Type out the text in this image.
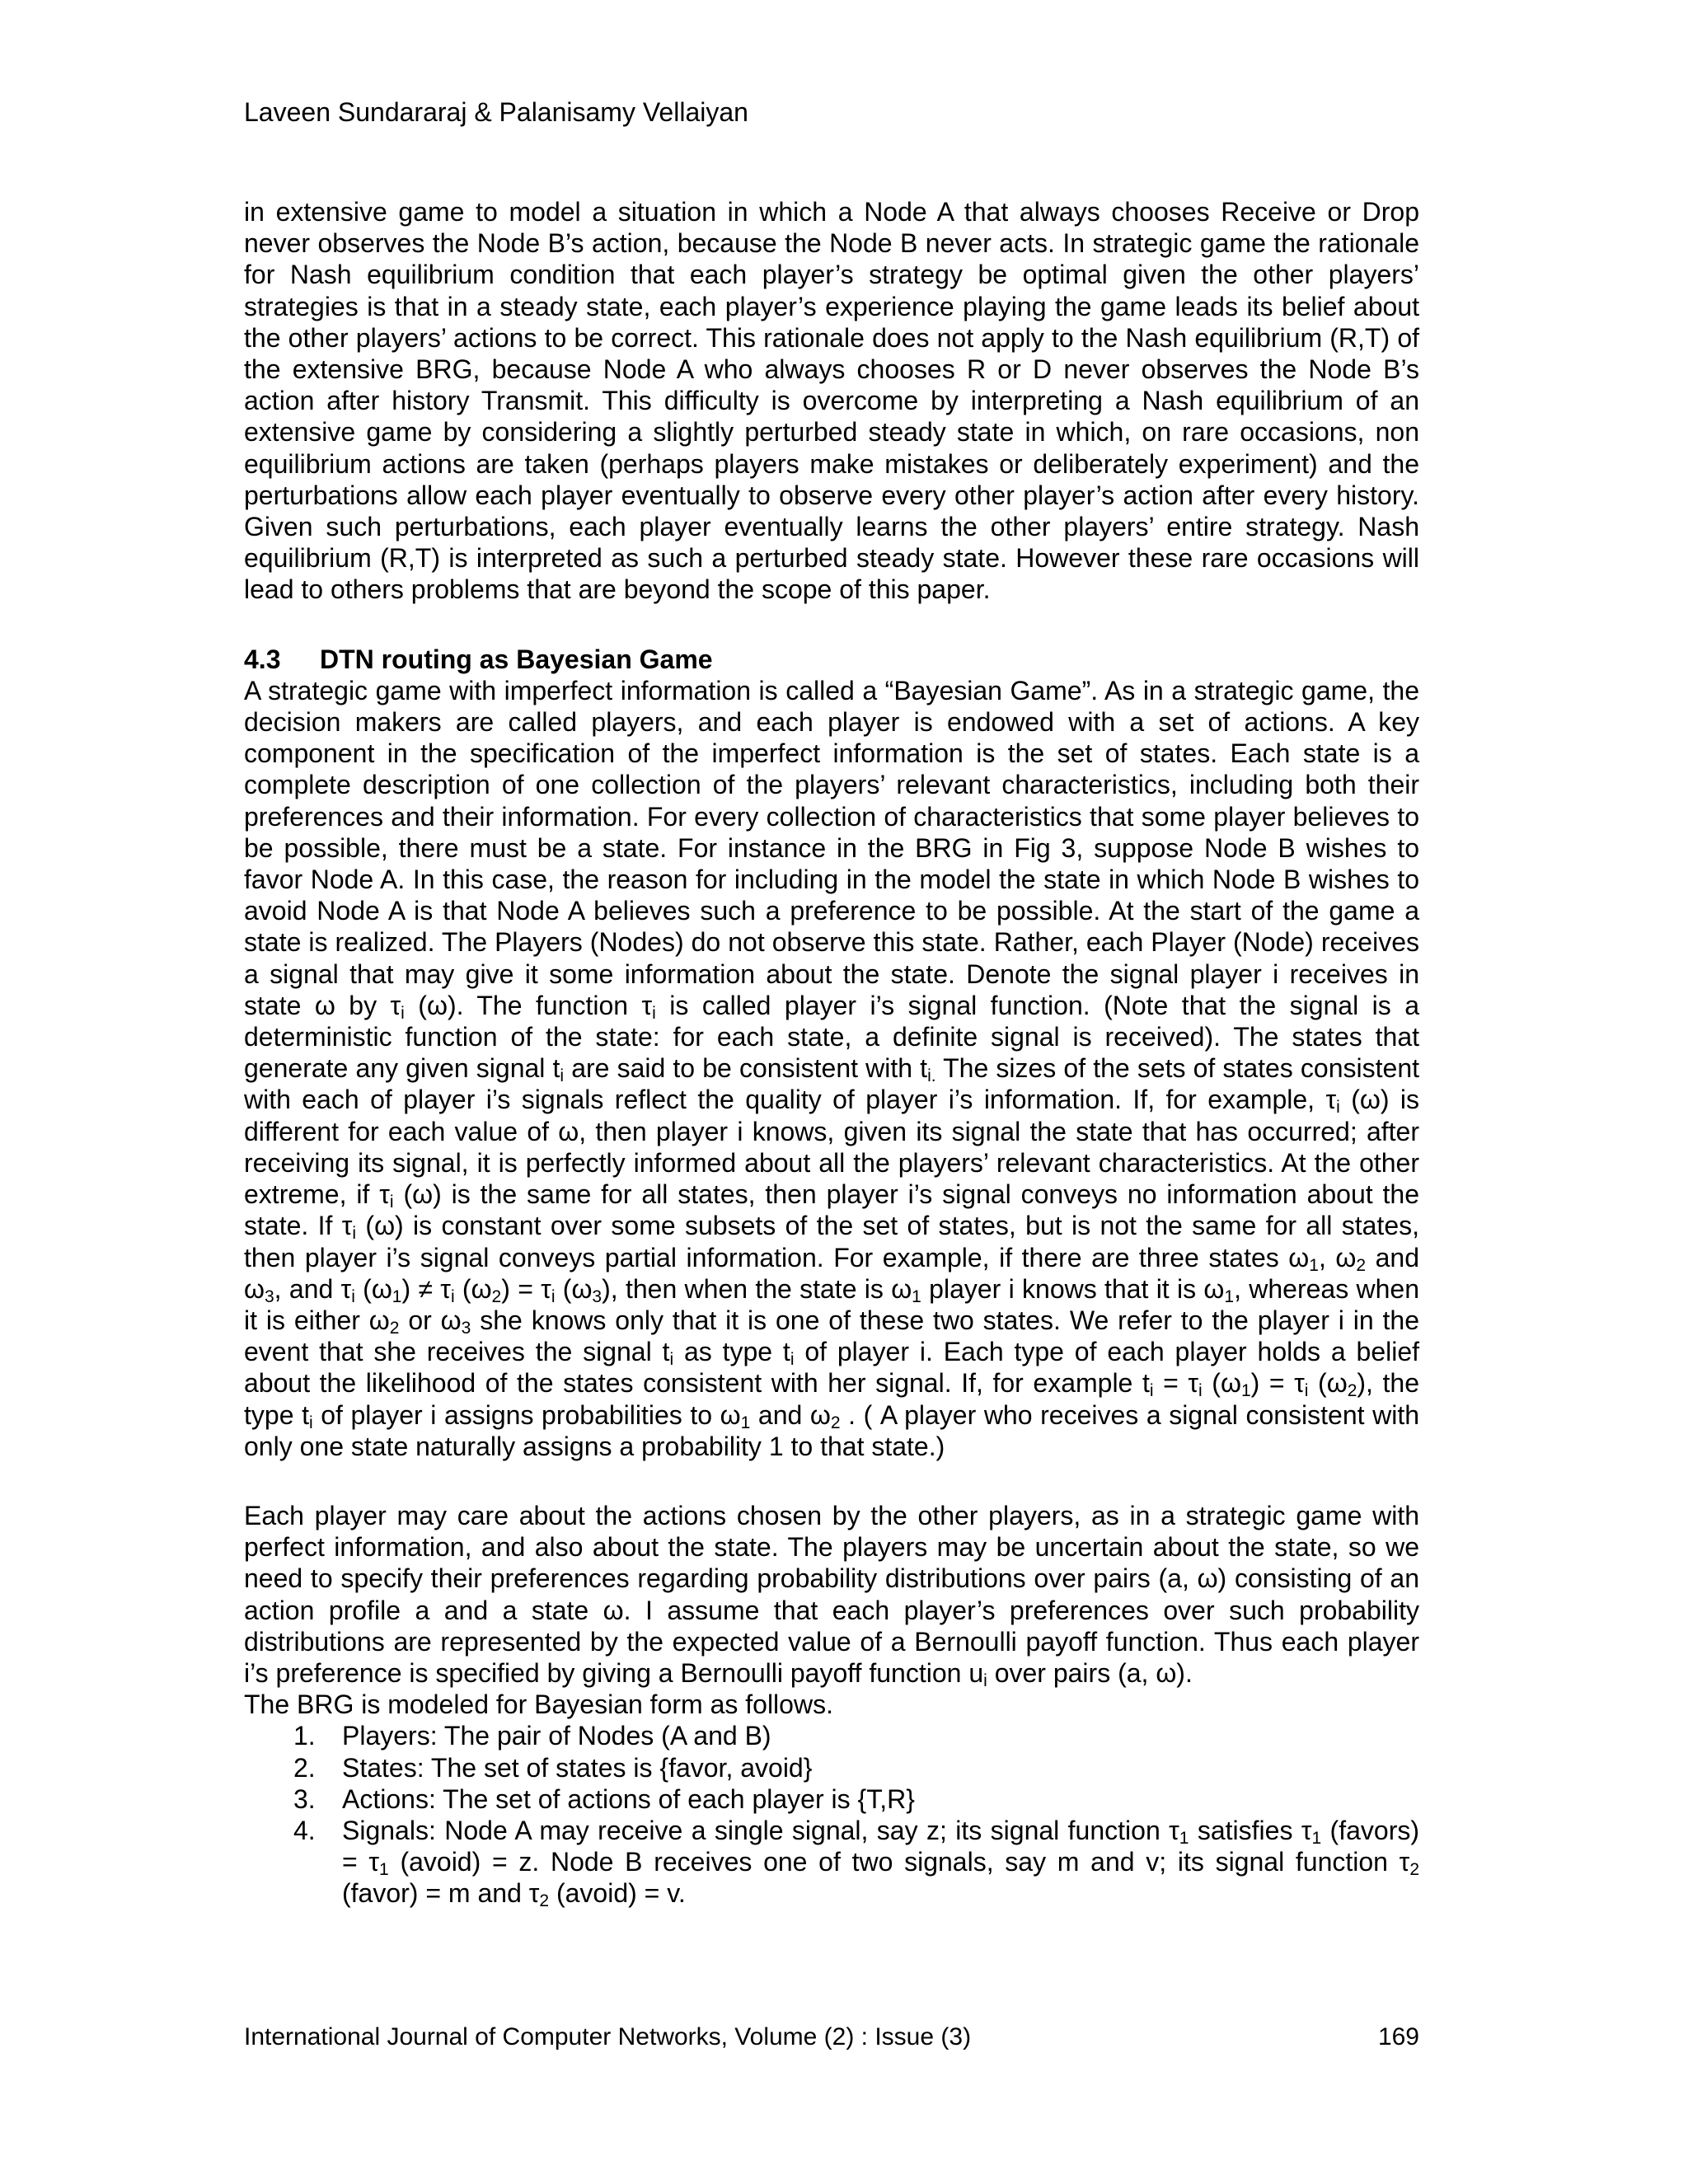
Laveen Sundararaj & Palanisamy Vellaiyan

in extensive game to model a situation in which a Node A that always chooses Receive or Drop never observes the Node B’s action, because the Node B never acts. In strategic game the rationale for Nash equilibrium condition that each player’s strategy be optimal given the other players’ strategies is that in a steady state, each player’s experience playing the game leads its belief about the other players’ actions to be correct. This rationale does not apply to the Nash equilibrium (R,T) of the extensive BRG, because Node A who always chooses R or D never observes the Node B’s action after history Transmit. This difficulty is overcome by interpreting a Nash equilibrium of an extensive game by considering a slightly perturbed steady state in which, on rare occasions, non equilibrium actions are taken (perhaps players make mistakes or deliberately experiment) and the perturbations allow each player eventually to observe every other player’s action after every history. Given such perturbations, each player eventually learns the other players’ entire strategy. Nash equilibrium (R,T) is interpreted as such a perturbed steady state. However these rare occasions will lead to others problems that are beyond the scope of this paper.

4.3 DTN routing as Bayesian Game

A strategic game with imperfect information is called a “Bayesian Game”. As in a strategic game, the decision makers are called players, and each player is endowed with a set of actions. A key component in the specification of the imperfect information is the set of states. Each state is a complete description of one collection of the players’ relevant characteristics, including both their preferences and their information. For every collection of characteristics that some player believes to be possible, there must be a state. For instance in the BRG in Fig 3, suppose Node B wishes to favor Node A. In this case, the reason for including in the model the state in which Node B wishes to avoid Node A is that Node A believes such a preference to be possible. At the start of the game a state is realized. The Players (Nodes) do not observe this state. Rather, each Player (Node) receives a signal that may give it some information about the state. Denote the signal player i receives in state ω by $\tau_i$ (ω). The function $\tau_i$ is called player i’s signal function. (Note that the signal is a deterministic function of the state: for each state, a definite signal is received). The states that generate any given signal $t_i$ are said to be consistent with $t_{i.}$ The sizes of the sets of states consistent with each of player i’s signals reflect the quality of player i’s information. If, for example, $\tau_i$ (ω) is different for each value of ω, then player i knows, given its signal the state that has occurred; after receiving its signal, it is perfectly informed about all the players’ relevant characteristics. At the other extreme, if $\tau_i$ (ω) is the same for all states, then player i’s signal conveys no information about the state. If $\tau_i$ (ω) is constant over some subsets of the set of states, but is not the same for all states, then player i’s signal conveys partial information. For example, if there are three states $\omega_1$, $\omega_2$ and $\omega_3$, and $\tau_i$ $(\omega_1) \ne \tau_i$ $(\omega_2) = \tau_i$ $(\omega_3)$, then when the state is $\omega_1$ player i knows that it is $\omega_1$, whereas when it is either $\omega_2$ or $\omega_3$ she knows only that it is one of these two states. We refer to the player i in the event that she receives the signal $t_i$ as type $t_i$ of player i. Each type of each player holds a belief about the likelihood of the states consistent with her signal. If, for example $t_i = \tau_i$ $(\omega_1) = \tau_i$ $(\omega_2)$, the type $t_i$ of player i assigns probabilities to $\omega_1$ and $\omega_2$ . ( A player who receives a signal consistent with only one state naturally assigns a probability 1 to that state.)

Each player may care about the actions chosen by the other players, as in a strategic game with perfect information, and also about the state. The players may be uncertain about the state, so we need to specify their preferences regarding probability distributions over pairs (a, ω) consisting of an action profile a and a state ω. I assume that each player’s preferences over such probability distributions are represented by the expected value of a Bernoulli payoff function. Thus each player i’s preference is specified by giving a Bernoulli payoff function $u_i$ over pairs (a, ω).

The BRG is modeled for Bayesian form as follows.

1. Players: The pair of Nodes (A and B)
2. States: The set of states is {favor, avoid}
3. Actions: The set of actions of each player is {T,R}
4. Signals: Node A may receive a single signal, say z; its signal function $\tau_1$ satisfies $\tau_1$ (favors) = $\tau_1$ (avoid) = z. Node B receives one of two signals, say m and v; its signal function $\tau_2$ (favor) = m and $\tau_2$ (avoid) = v.
International Journal of Computer Networks, Volume (2) : Issue (3)	169
